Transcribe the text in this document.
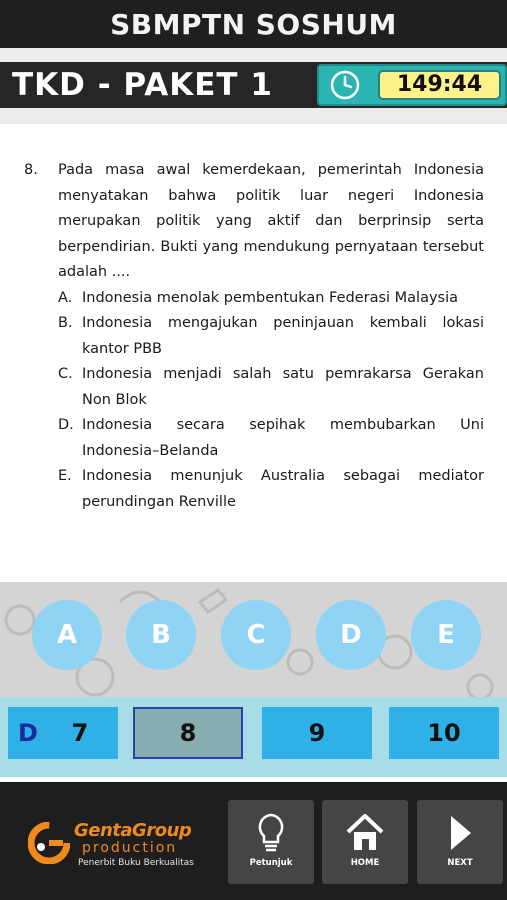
SBMPTN SOSHUM
TKD - PAKET 1	149:44
8.	Pada masa awal kemerdekaan, pemerintah Indonesia menyatakan bahwa politik luar negeri Indonesia merupakan politik yang aktif dan berprinsip serta berpendirian. Bukti yang mendukung pernyataan tersebut adalah ....
A. Indonesia menolak pembentukan Federasi Malaysia
B. Indonesia mengajukan peninjauan kembali lokasi kantor PBB
C. Indonesia menjadi salah satu pemrakarsa Gerakan Non Blok
D. Indonesia secara sepihak membubarkan Uni Indonesia–Belanda
E. Indonesia menunjuk Australia sebagai mediator perundingan Renville
A	B	C	D	E
7
D	8	9	10
GentaGroup
production
Penerbit Buku Berkualitas	Petunjuk	HOME	NEXT
